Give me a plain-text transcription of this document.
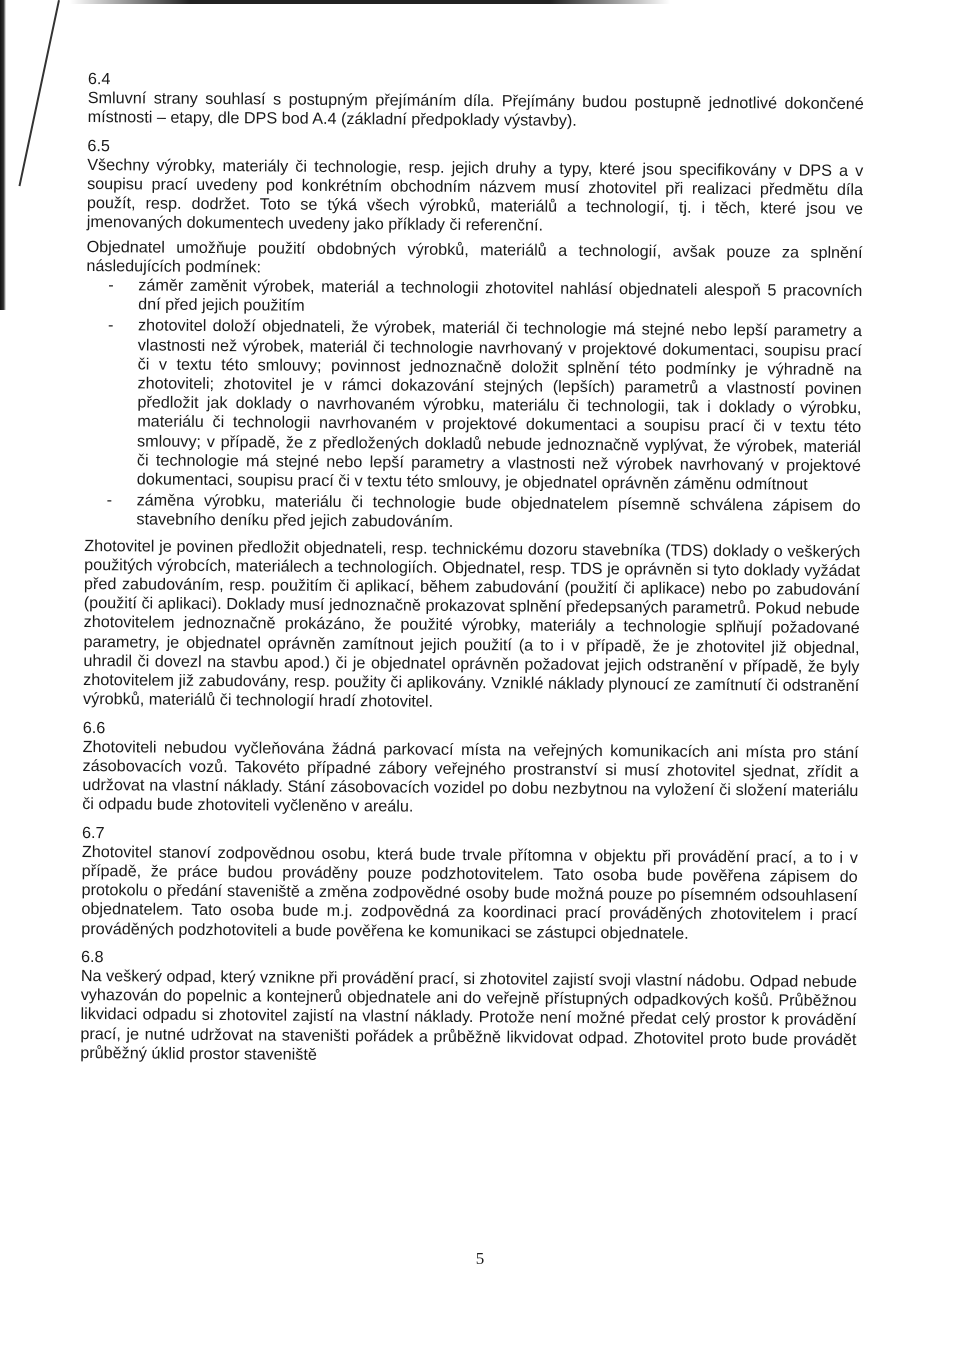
6.4

Smluvní strany souhlasí s postupným přejímáním díla. Přejímány budou postupně jednotlivé dokončené místnosti – etapy, dle DPS bod A.4 (základní předpoklady výstavby).

6.5

Všechny výrobky, materiály či technologie, resp. jejich druhy a typy, které jsou specifikovány v DPS a v soupisu prací uvedeny pod konkrétním obchodním názvem musí zhotovitel při realizaci předmětu díla použít, resp. dodržet. Toto se týká všech výrobků, materiálů a technologií, tj. i těch, které jsou ve jmenovaných dokumentech uvedeny jako příklady či referenční.

Objednatel umožňuje použití obdobných výrobků, materiálů a technologií, avšak pouze za splnění následujících podmínek:

- záměr zaměnit výrobek, materiál a technologii zhotovitel nahlásí objednateli alespoň 5 pracovních dní před jejich použitím
- zhotovitel doloží objednateli, že výrobek, materiál či technologie má stejné nebo lepší parametry a vlastnosti než výrobek, materiál či technologie navrhovaný v projektové dokumentaci, soupisu prací či v textu této smlouvy; povinnost jednoznačně doložit splnění této podmínky je výhradně na zhotoviteli; zhotovitel je v rámci dokazování stejných (lepších) parametrů a vlastností povinen předložit jak doklady o navrhovaném výrobku, materiálu či technologii, tak i doklady o výrobku, materiálu či technologii navrhovaném v projektové dokumentaci a soupisu prací či v textu této smlouvy; v případě, že z předložených dokladů nebude jednoznačně vyplývat, že výrobek, materiál či technologie má stejné nebo lepší parametry a vlastnosti než výrobek navrhovaný v projektové dokumentaci, soupisu prací či v textu této smlouvy, je objednatel oprávněn záměnu odmítnout
- záměna výrobku, materiálu či technologie bude objednatelem písemně schválena zápisem do stavebního deníku před jejich zabudováním.

Zhotovitel je povinen předložit objednateli, resp. technickému dozoru stavebníka (TDS) doklady o veškerých použitých výrobcích, materiálech a technologiích. Objednatel, resp. TDS je oprávněn si tyto doklady vyžádat před zabudováním, resp. použitím či aplikací, během zabudování (použití či aplikace) nebo po zabudování (použití či aplikaci). Doklady musí jednoznačně prokazovat splnění předepsaných parametrů. Pokud nebude zhotovitelem jednoznačně prokázáno, že použité výrobky, materiály a technologie splňují požadované parametry, je objednatel oprávněn zamítnout jejich použití (a to i v případě, že je zhotovitel již objednal, uhradil či dovezl na stavbu apod.) či je objednatel oprávněn požadovat jejich odstranění v případě, že byly zhotovitelem již zabudovány, resp. použity či aplikovány. Vzniklé náklady plynoucí ze zamítnutí či odstranění výrobků, materiálů či technologií hradí zhotovitel.

6.6

Zhotoviteli nebudou vyčleňována žádná parkovací místa na veřejných komunikacích ani místa pro stání zásobovacích vozů. Takovéto případné zábory veřejného prostranství si musí zhotovitel sjednat, zřídit a udržovat na vlastní náklady. Stání zásobovacích vozidel po dobu nezbytnou na vyložení či složení materiálu či odpadu bude zhotoviteli vyčleněno v areálu.

6.7

Zhotovitel stanoví zodpovědnou osobu, která bude trvale přítomna v objektu při provádění prací, a to i v případě, že práce budou prováděny pouze podzhotovitelem. Tato osoba bude pověřena zápisem do protokolu o předání staveniště a změna zodpovědné osoby bude možná pouze po písemném odsouhlasení objednatelem. Tato osoba bude m.j. zodpovědná za koordinaci prací prováděných zhotovitelem i prací prováděných podzhotoviteli a bude pověřena ke komunikaci se zástupci objednatele.

6.8

Na veškerý odpad, který vznikne při provádění prací, si zhotovitel zajistí svoji vlastní nádobu. Odpad nebude vyhazován do popelnic a kontejnerů objednatele ani do veřejně přístupných odpadkových košů. Průběžnou likvidaci odpadu si zhotovitel zajistí na vlastní náklady. Protože není možné předat celý prostor k provádění prací, je nutné udržovat na staveništi pořádek a průběžně likvidovat odpad. Zhotovitel proto bude provádět průběžný úklid prostor staveniště

5
